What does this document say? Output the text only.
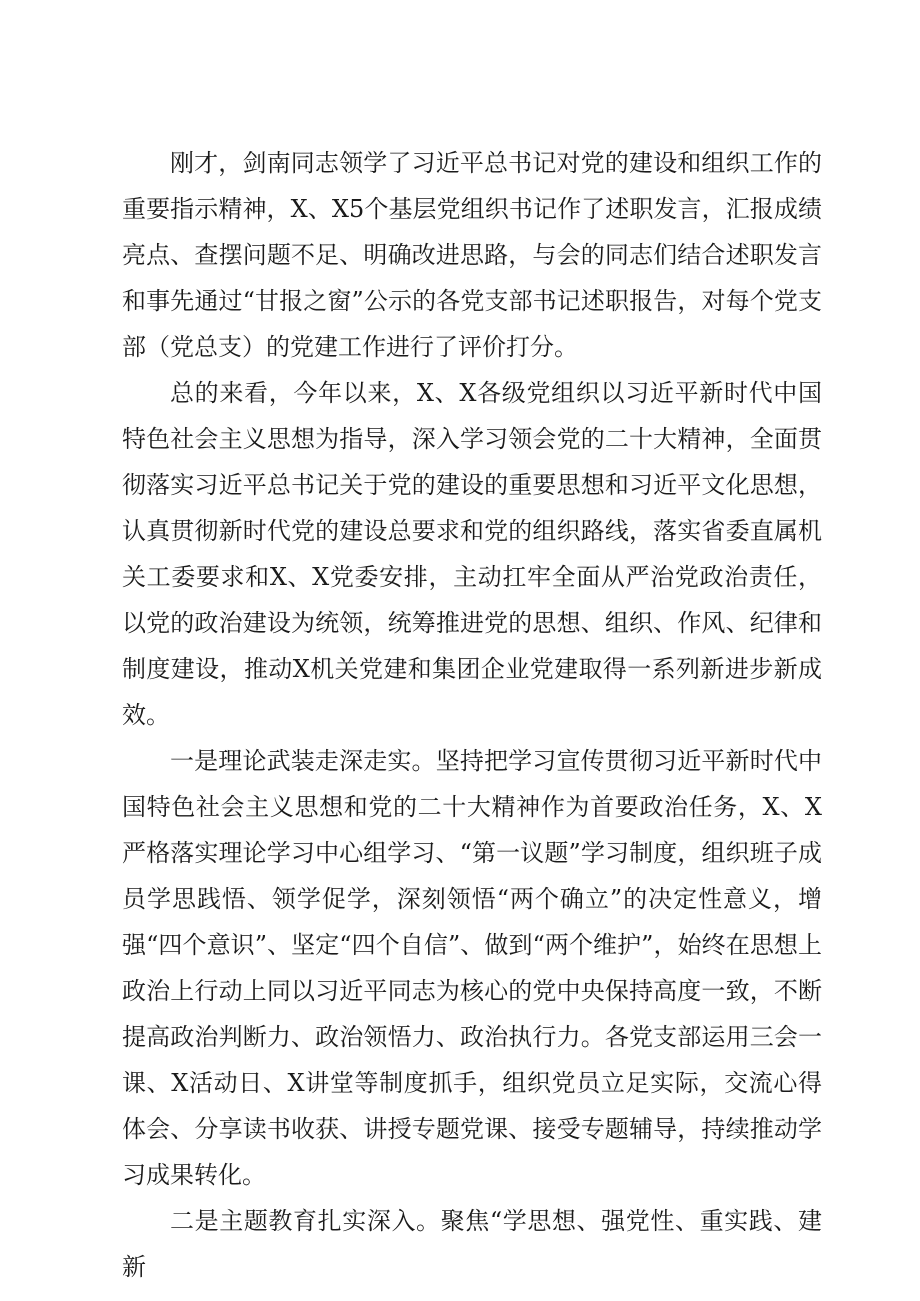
刚才，剑南同志领学了习近平总书记对党的建设和组织工作的重要指示精神，X、X5个基层党组织书记作了述职发言，汇报成绩亮点、查摆问题不足、明确改进思路，与会的同志们结合述职发言和事先通过“甘报之窗”公示的各党支部书记述职报告，对每个党支部（党总支）的党建工作进行了评价打分。

总的来看，今年以来，X、X各级党组织以习近平新时代中国特色社会主义思想为指导，深入学习领会党的二十大精神，全面贯彻落实习近平总书记关于党的建设的重要思想和习近平文化思想，认真贯彻新时代党的建设总要求和党的组织路线，落实省委直属机关工委要求和X、X党委安排，主动扛牢全面从严治党政治责任，以党的政治建设为统领，统筹推进党的思想、组织、作风、纪律和制度建设，推动X机关党建和集团企业党建取得一系列新进步新成效。

一是理论武装走深走实。坚持把学习宣传贯彻习近平新时代中国特色社会主义思想和党的二十大精神作为首要政治任务，X、X严格落实理论学习中心组学习、“第一议题”学习制度，组织班子成员学思践悟、领学促学，深刻领悟“两个确立”的决定性意义，增强“四个意识”、坚定“四个自信”、做到“两个维护”，始终在思想上政治上行动上同以习近平同志为核心的党中央保持高度一致，不断提高政治判断力、政治领悟力、政治执行力。各党支部运用三会一课、X活动日、X讲堂等制度抓手，组织党员立足实际，交流心得体会、分享读书收获、讲授专题党课、接受专题辅导，持续推动学习成果转化。

二是主题教育扎实深入。聚焦“学思想、强党性、重实践、建新
